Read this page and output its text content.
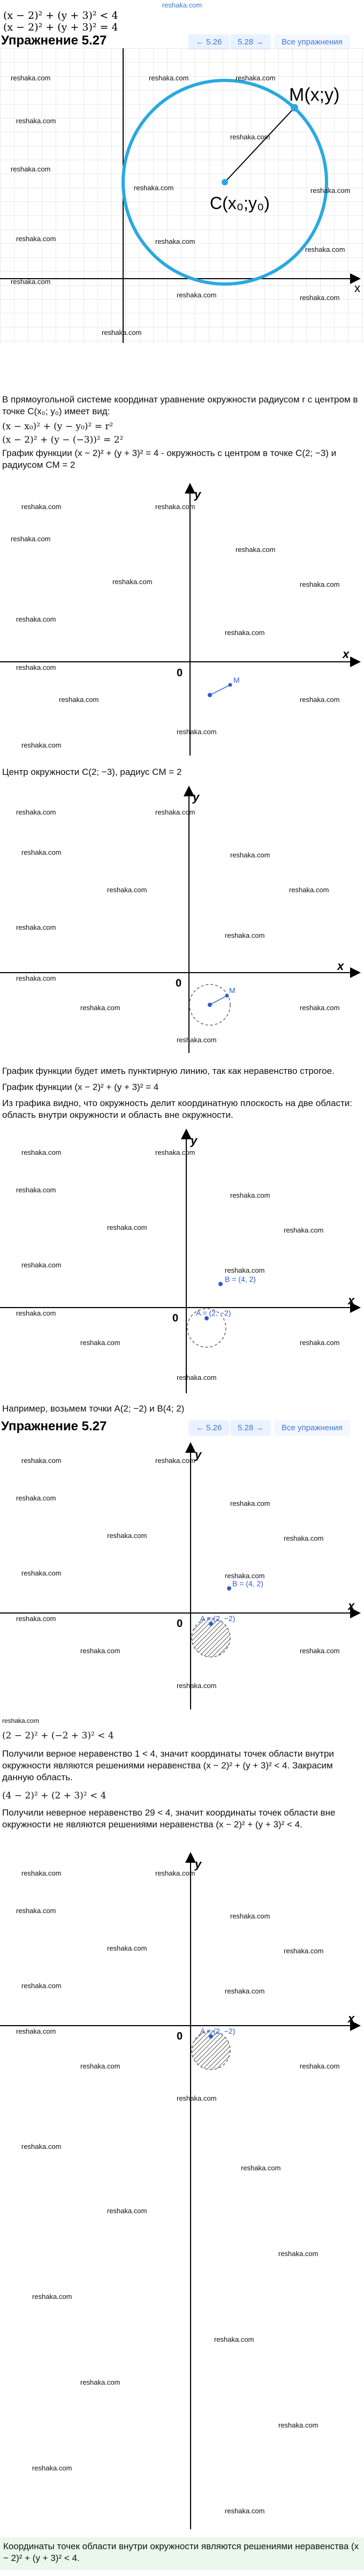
reshaka.com
(x − 2)² + (y + 3)² < 4
(x − 2)² + (y + 3)² = 4
Упражнение 5.27	← 5.26	5.28 →	Все упражнения
x
M(x;y)
C(x₀;y₀)
reshaka.com	reshaka.com	reshaka.com
reshaka.com
reshaka.com
reshaka.com
reshaka.com	reshaka.com
reshaka.com	reshaka.com
reshaka.com
reshaka.com
reshaka.com	reshaka.com
reshaka.com
В прямоугольной системе координат уравнение окружности радиусом r с центром в точке C(x₀; y₀) имеет вид:
(x − x₀)² + (y − y₀)² = r²
(x − 2)² + (y − (−3))² = 2²
График функции (x − 2)² + (y + 3)² = 4 - окружность с центром в точке C(2; −3) и радиусом CM = 2
x
y
0
M
reshaka.com	reshaka.com
reshaka.com
reshaka.com
reshaka.com	reshaka.com
reshaka.com
reshaka.com
reshaka.com
reshaka.com
reshaka.com
reshaka.com
reshaka.com
Центр окружности C(2; −3), радиус CM = 2
x
y
0
M
reshaka.com	reshaka.com
reshaka.com	reshaka.com
reshaka.com	reshaka.com
reshaka.com
reshaka.com
reshaka.com
reshaka.com	reshaka.com
reshaka.com
График функции будет иметь пунктирную линию, так как неравенство строгое.
График функции (x − 2)² + (y + 3)² = 4
Из графика видно, что окружность делит координатную плоскость на две области: область внутри окружности и область вне окружности.
x
y
0 A = (2, −2)
B = (4, 2)
reshaka.com	reshaka.com
reshaka.com
reshaka.com
reshaka.com	reshaka.com
reshaka.com
reshaka.com
reshaka.com
reshaka.com	reshaka.com
reshaka.com
Например, возьмем точки A(2; −2) и B(4; 2)
Упражнение 5.27	← 5.26	5.28 →	Все упражнения
x
y
0 A = (2, −2)
B = (4, 2)
reshaka.com	reshaka.com
reshaka.com
reshaka.com
reshaka.com	reshaka.com
reshaka.com	reshaka.com
reshaka.com
reshaka.com	reshaka.com
reshaka.com
reshaka.com
(2 − 2)² + (−2 + 3)² < 4
Получили верное неравенство 1 < 4, значит координаты точек области внутри окружности являются решениями неравенства (x − 2)² + (y + 3)² < 4. Закрасим данную область.
(4 − 2)² + (2 + 3)² < 4
Получили неверное неравенство 29 < 4, значит координаты точек области вне окружности не являются решениями неравенства (x − 2)² + (y + 3)² < 4.
x
y
0 A = (2, −2)
reshaka.com	reshaka.com
reshaka.com
reshaka.com
reshaka.com	reshaka.com
reshaka.com
reshaka.com
reshaka.com
reshaka.com	reshaka.com
reshaka.com
reshaka.com
reshaka.com
reshaka.com
reshaka.com
reshaka.com
reshaka.com
reshaka.com
reshaka.com
reshaka.com
reshaka.com
Координаты точек области внутри окружности являются решениями неравенства (x − 2)² + (y + 3)² < 4.
